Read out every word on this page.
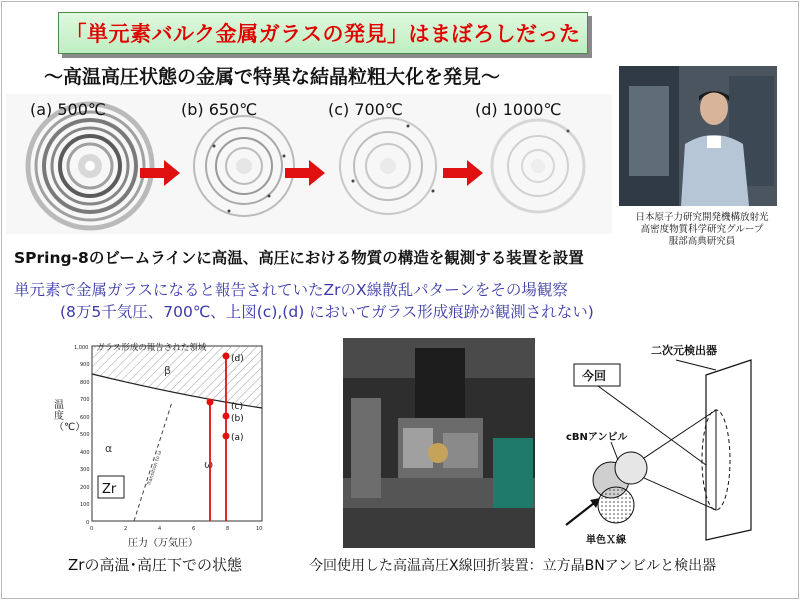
「単元素バルク金属ガラスの発見」はまぼろしだった
～高温高圧状態の金属で特異な結晶粒粗大化を発見～
(a) 500℃	(b) 650℃	(c) 700℃	(d) 1000℃
日本原子力研究開発機構放射光
高密度物質科学研究グループ
服部高典研究員
SPring-8のビームラインに高温、高圧における物質の構造を観測する装置を設置
単元素で金属ガラスになると報告されていたZrのX線散乱パターンをその場観察
(8万5千気圧、700℃、上図(c),(d) においてガラス形成痕跡が観測されない)
Transition to ω
ガラス形成の報告された領域
β
α
ω
Zr
(d)
(c)
(b)
(a)
1,000
900
800
700
600
500
400
300
200
100
0
0	2	4	6	8	10
温度（℃）
圧力（万気圧）
Zrの高温･高圧下での状態
二次元検出器
今回
cBNアンビル
単色Ｘ線
今回使用した高温高圧X線回折装置：立方晶BNアンビルと検出器
